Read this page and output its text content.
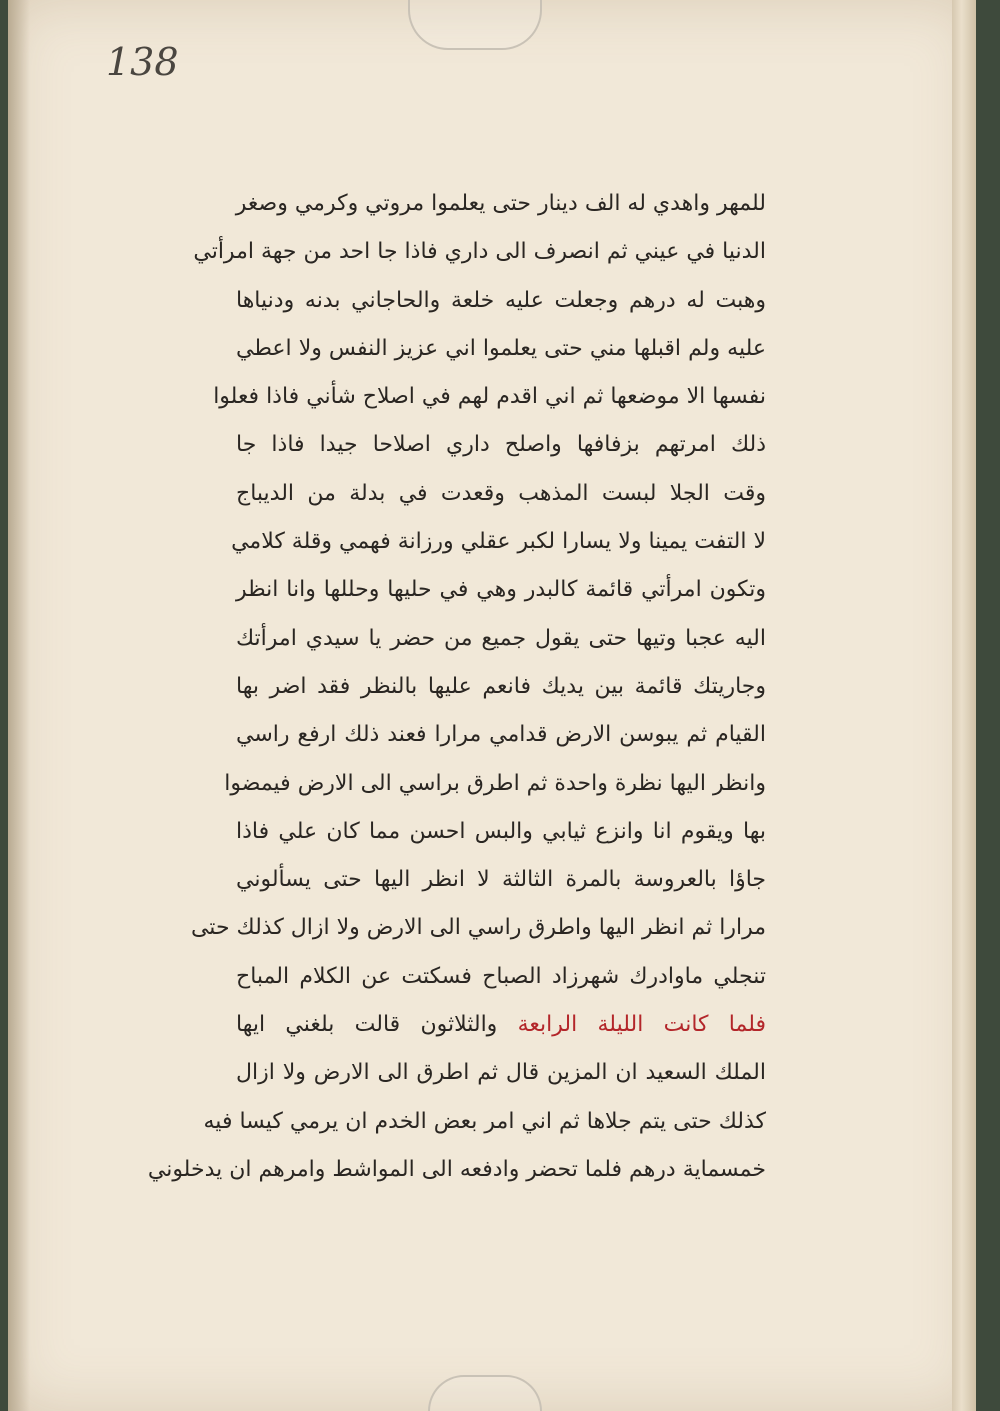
138
للمهر واهدي له الف دينار حتى يعلموا مروتي وكرمي وصغر
الدنيا في عيني ثم انصرف الى داري فاذا جا احد من جهة امرأتي
وهبت له درهم وجعلت عليه خلعة والحاجاني بدنه ودنياها
عليه ولم اقبلها مني حتى يعلموا اني عزيز النفس ولا اعطي
نفسها الا موضعها ثم اني اقدم لهم في اصلاح شأني فاذا فعلوا
ذلك امرتهم بزفافها واصلح داري اصلاحا جيدا فاذا جا
وقت الجلا لبست المذهب وقعدت في بدلة من الديباج
لا التفت يمينا ولا يسارا لكبر عقلي ورزانة فهمي وقلة كلامي
وتكون امرأتي قائمة كالبدر وهي في حليها وحللها وانا انظر
اليه عجبا وتيها حتى يقول جميع من حضر يا سيدي امرأتك
وجاريتك قائمة بين يديك فانعم عليها بالنظر فقد اضر بها
القيام ثم يبوسن الارض قدامي مرارا فعند ذلك ارفع راسي
وانظر اليها نظرة واحدة ثم اطرق براسي الى الارض فيمضوا
بها ويقوم انا وانزع ثيابي والبس احسن مما كان علي فاذا
جاؤا بالعروسة بالمرة الثالثة لا انظر اليها حتى يسألوني
مرارا ثم انظر اليها واطرق راسي الى الارض ولا ازال كذلك حتى
تنجلي ماوادرك شهرزاد الصباح فسكتت عن الكلام المباح
فلما كانت الليلة الرابعة والثلاثون قالت بلغني ايها
الملك السعيد ان المزين قال ثم اطرق الى الارض ولا ازال
كذلك حتى يتم جلاها ثم اني امر بعض الخدم ان يرمي كيسا فيه
خمسماية درهم فلما تحضر وادفعه الى المواشط وامرهم ان يدخلوني
